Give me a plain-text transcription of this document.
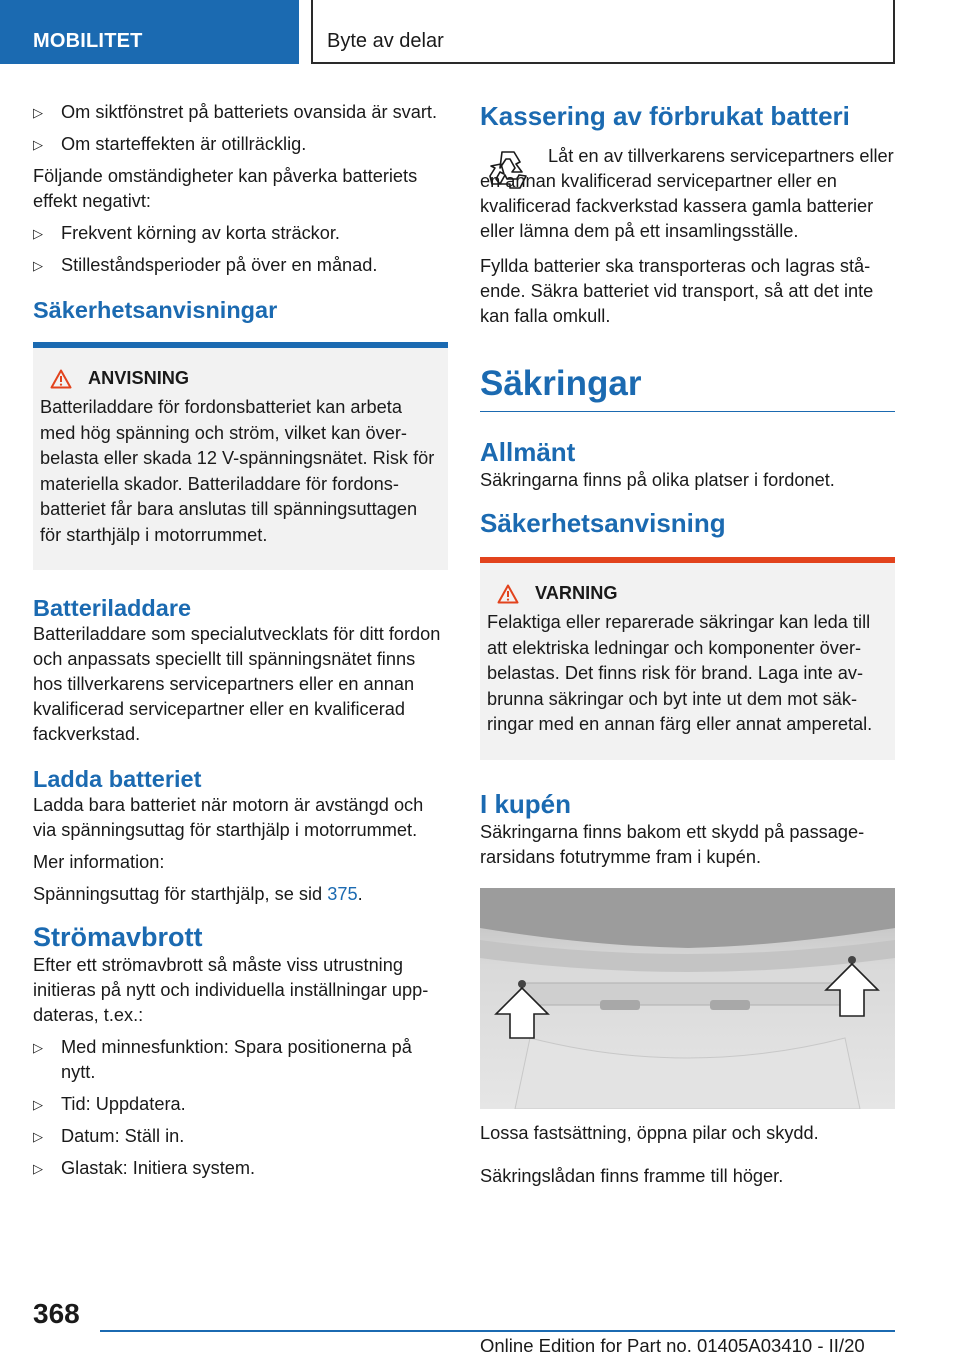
MOBILITET	Byte av delar
▷ Om siktfönstret på batteriets ovansida är svart.
▷ Om starteffekten är otillräcklig.

Följande omständigheter kan påverka batteriets effekt negativt:

▷ Frekvent körning av korta sträckor.
▷ Stilleståndsperioder på över en månad.
Säkerhetsanvisningar
ANVISNING
Batteriladdare för fordonsbatteriet kan arbeta med hög spänning och ström, vilket kan överbelasta eller skada 12 V-spänningsnätet. Risk för materiella skador. Batteriladdare för fordonsbatteriet får bara anslutas till spänningsuttagen för starthjälp i motorrummet.
Batteriladdare

Batteriladdare som specialutvecklats för ditt fordon och anpassats speciellt till spänningsnätet finns hos tillverkarens servicepartners eller en annan kvalificerad servicepartner eller en kvalificerad fackverkstad.

Ladda batteriet

Ladda bara batteriet när motorn är avstängd och via spänningsuttag för starthjälp i motorrummet.

Mer information:

Spänningsuttag för starthjälp, se sid 375.

Strömavbrott

Efter ett strömavbrott så måste viss utrustning initieras på nytt och individuella inställningar uppdateras, t.ex.:

▷ Med minnesfunktion: Spara positionerna på nytt.
▷ Tid: Uppdatera.
▷ Datum: Ställ in.
▷ Glastak: Initiera system.
Kassering av förbrukat batteri

Låt en av tillverkarens servicepartners eller en annan kvalificerad servicepartner eller en kvalificerad fackverkstad kassera gamla batterier eller lämna dem på ett insamlingsställe.

Fyllda batterier ska transporteras och lagras stående. Säkra batteriet vid transport, så att det inte kan falla omkull.

Säkringar
Allmänt

Säkringarna finns på olika platser i fordonet.

Säkerhetsanvisning
VARNING
Felaktiga eller reparerade säkringar kan leda till att elektriska ledningar och komponenter överbelastas. Det finns risk för brand. Laga inte avbrunna säkringar och byt inte ut dem mot säkringar med en annan färg eller annat amperetal.
I kupén

Säkringarna finns bakom ett skydd på passagerarsidans fotutrymme fram i kupén.

Lossa fastsättning, öppna pilar och skydd.

Säkringslådan finns framme till höger.

368
Online Edition for Part no. 01405A03410 - II/20
